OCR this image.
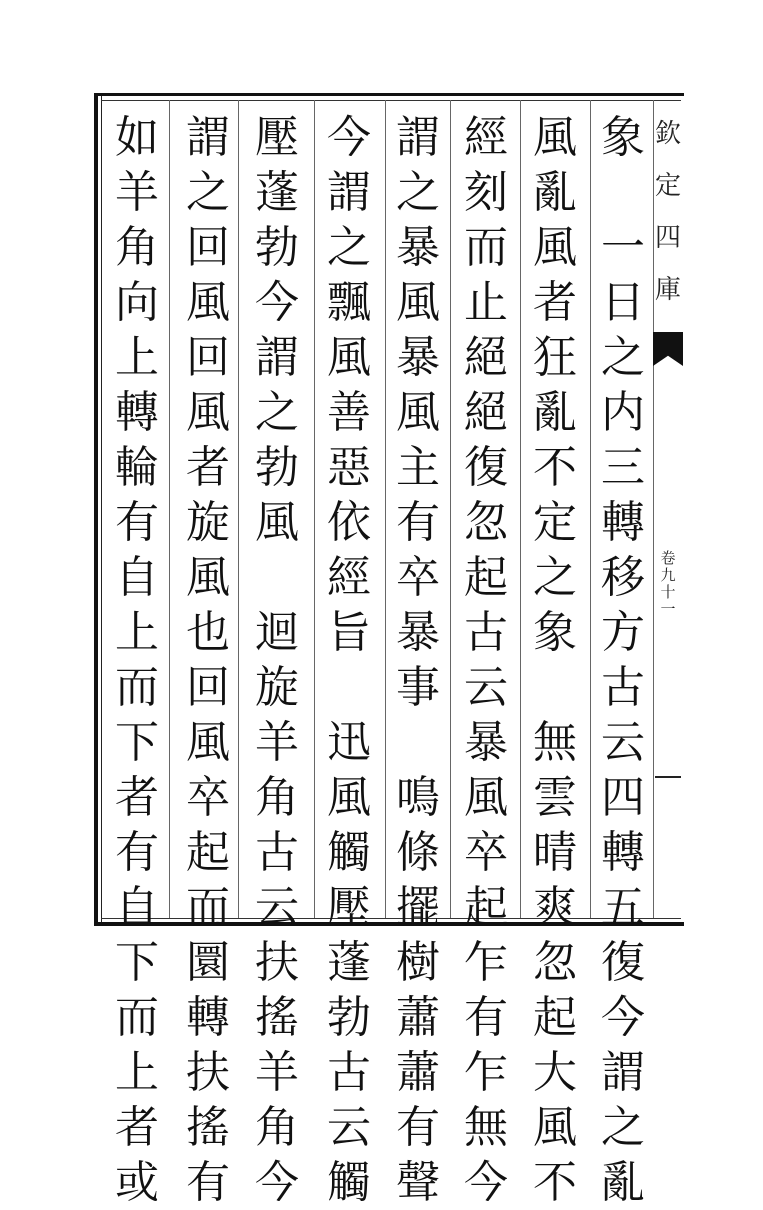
象

一
日
之
内
三
轉
移
方
古
云
四
轉
五
復
今
謂
之
亂
風
亂
風
者
狂
亂
不
定
之
象

無
雲
晴
爽
忽
起
大
風
不
經
刻
而
止
絕
絕
復
忽
起
古
云
暴
風
卒
起
乍
有
乍
無
今
謂
之
暴
風
暴
風
主
有
卒
暴
事

鳴
條
擺
樹
蕭
蕭
有
聲
今
謂
之
飄
風
善
惡
依
經
旨

迅
風
觸
壓
蓬
勃
古
云
觸
壓
蓬
勃
今
謂
之
勃
風

迴
旋
羊
角
古
云
扶
搖
羊
角
今
謂
之
回
風
回
風
者
旋
風
也
回
風
卒
起
而
圜
轉
扶
搖
有
如
羊
角
向
上
轉
輪
有
自
上
而
下
者
有
自
下
而
上
者
或
欽
定
四
庫
卷
九
十
一
